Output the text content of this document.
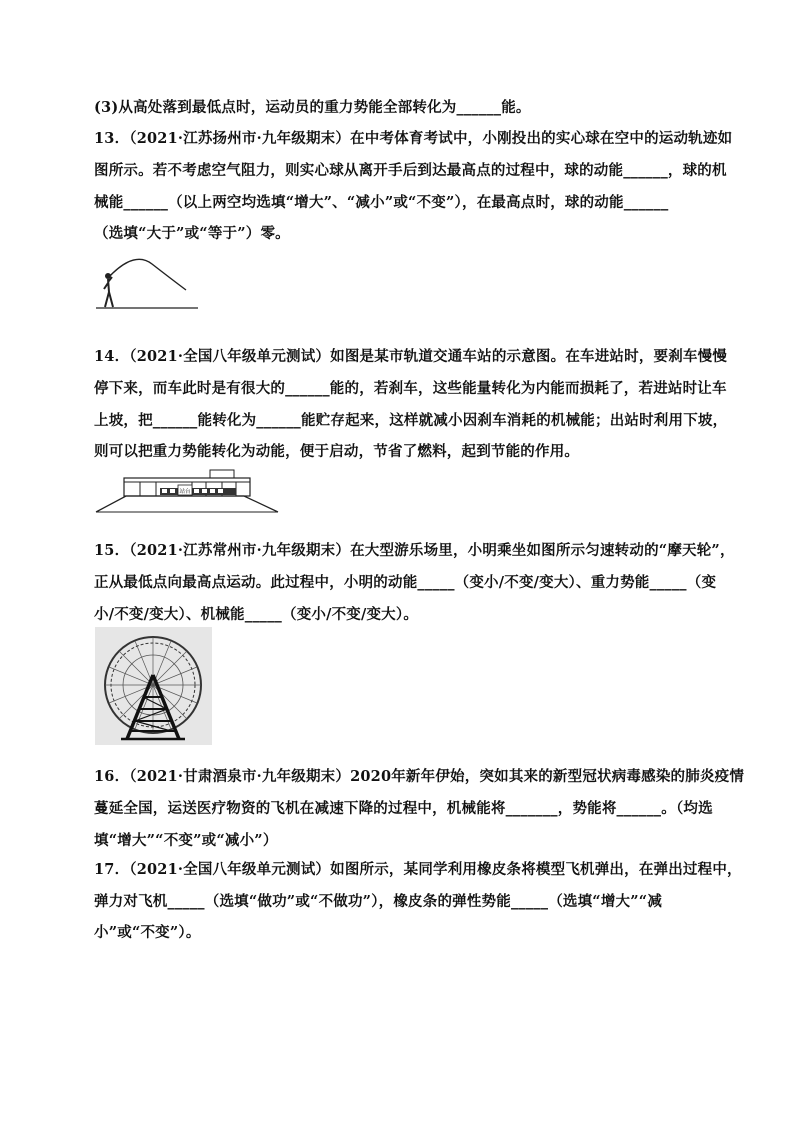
(3)从高处落到最低点时，运动员的重力势能全部转化为______能。
13．（2021·江苏扬州市·九年级期末）在中考体育考试中，小刚投出的实心球在空中的运动轨迹如
图所示。若不考虑空气阻力，则实心球从离开手后到达最高点的过程中，球的动能______，球的机
械能______（以上两空均选填“增大”、“减小”或“不变”），在最高点时，球的动能______
（选填“大于”或“等于”）零。
14．（2021·全国八年级单元测试）如图是某市轨道交通车站的示意图。在车进站时，要刹车慢慢
停下来，而车此时是有很大的______能的，若刹车，这些能量转化为内能而损耗了，若进站时让车
上坡，把______能转化为______能贮存起来，这样就减小因刹车消耗的机械能；出站时利用下坡，
则可以把重力势能转化为动能，便于启动，节省了燃料，起到节能的作用。
站台
15．（2021·江苏常州市·九年级期末）在大型游乐场里，小明乘坐如图所示匀速转动的“摩天轮”，
正从最低点向最高点运动。此过程中，小明的动能_____（变小/不变/变大）、重力势能_____（变
小/不变/变大）、机械能_____（变小/不变/变大）。
16．（2021·甘肃酒泉市·九年级期末）2020年新年伊始，突如其来的新型冠状病毒感染的肺炎疫情
蔓延全国，运送医疗物资的飞机在减速下降的过程中，机械能将_______，势能将______。（均选
填“增大”“不变”或“减小”）
17．（2021·全国八年级单元测试）如图所示，某同学利用橡皮条将模型飞机弹出，在弹出过程中，
弹力对飞机_____（选填“做功”或“不做功”），橡皮条的弹性势能_____（选填“增大”“减
小”或“不变”）。
